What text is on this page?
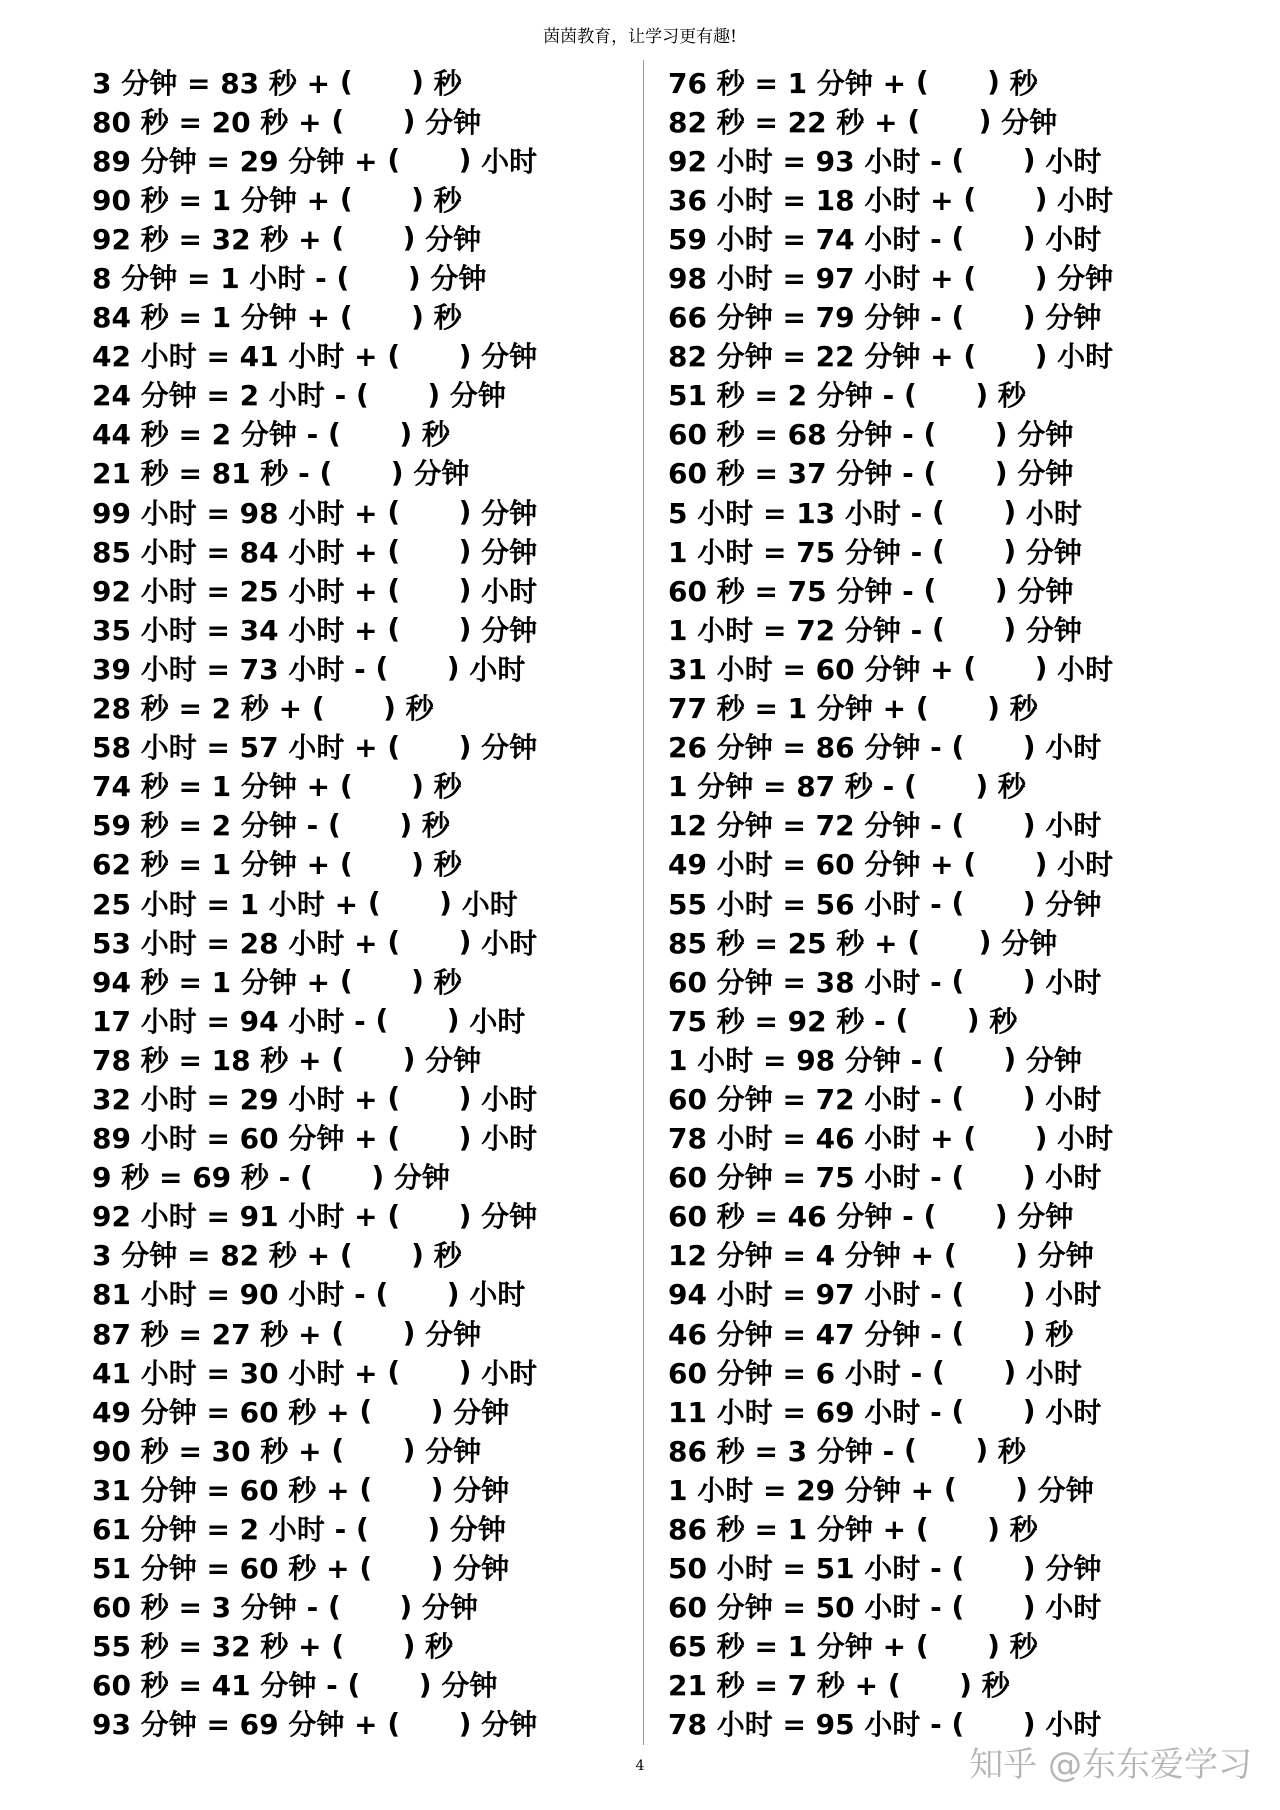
茵茵教育，让学习更有趣!
3 分钟 = 83 秒 + (      ) 秒
80 秒 = 20 秒 + (      ) 分钟
89 分钟 = 29 分钟 + (      ) 小时
90 秒 = 1 分钟 + (      ) 秒
92 秒 = 32 秒 + (      ) 分钟
8 分钟 = 1 小时 - (      ) 分钟
84 秒 = 1 分钟 + (      ) 秒
42 小时 = 41 小时 + (      ) 分钟
24 分钟 = 2 小时 - (      ) 分钟
44 秒 = 2 分钟 - (      ) 秒
21 秒 = 81 秒 - (      ) 分钟
99 小时 = 98 小时 + (      ) 分钟
85 小时 = 84 小时 + (      ) 分钟
92 小时 = 25 小时 + (      ) 小时
35 小时 = 34 小时 + (      ) 分钟
39 小时 = 73 小时 - (      ) 小时
28 秒 = 2 秒 + (      ) 秒
58 小时 = 57 小时 + (      ) 分钟
74 秒 = 1 分钟 + (      ) 秒
59 秒 = 2 分钟 - (      ) 秒
62 秒 = 1 分钟 + (      ) 秒
25 小时 = 1 小时 + (      ) 小时
53 小时 = 28 小时 + (      ) 小时
94 秒 = 1 分钟 + (      ) 秒
17 小时 = 94 小时 - (      ) 小时
78 秒 = 18 秒 + (      ) 分钟
32 小时 = 29 小时 + (      ) 小时
89 小时 = 60 分钟 + (      ) 小时
9 秒 = 69 秒 - (      ) 分钟
92 小时 = 91 小时 + (      ) 分钟
3 分钟 = 82 秒 + (      ) 秒
81 小时 = 90 小时 - (      ) 小时
87 秒 = 27 秒 + (      ) 分钟
41 小时 = 30 小时 + (      ) 小时
49 分钟 = 60 秒 + (      ) 分钟
90 秒 = 30 秒 + (      ) 分钟
31 分钟 = 60 秒 + (      ) 分钟
61 分钟 = 2 小时 - (      ) 分钟
51 分钟 = 60 秒 + (      ) 分钟
60 秒 = 3 分钟 - (      ) 分钟
55 秒 = 32 秒 + (      ) 秒
60 秒 = 41 分钟 - (      ) 分钟
93 分钟 = 69 分钟 + (      ) 分钟
76 秒 = 1 分钟 + (      ) 秒
82 秒 = 22 秒 + (      ) 分钟
92 小时 = 93 小时 - (      ) 小时
36 小时 = 18 小时 + (      ) 小时
59 小时 = 74 小时 - (      ) 小时
98 小时 = 97 小时 + (      ) 分钟
66 分钟 = 79 分钟 - (      ) 分钟
82 分钟 = 22 分钟 + (      ) 小时
51 秒 = 2 分钟 - (      ) 秒
60 秒 = 68 分钟 - (      ) 分钟
60 秒 = 37 分钟 - (      ) 分钟
5 小时 = 13 小时 - (      ) 小时
1 小时 = 75 分钟 - (      ) 分钟
60 秒 = 75 分钟 - (      ) 分钟
1 小时 = 72 分钟 - (      ) 分钟
31 小时 = 60 分钟 + (      ) 小时
77 秒 = 1 分钟 + (      ) 秒
26 分钟 = 86 分钟 - (      ) 小时
1 分钟 = 87 秒 - (      ) 秒
12 分钟 = 72 分钟 - (      ) 小时
49 小时 = 60 分钟 + (      ) 小时
55 小时 = 56 小时 - (      ) 分钟
85 秒 = 25 秒 + (      ) 分钟
60 分钟 = 38 小时 - (      ) 小时
75 秒 = 92 秒 - (      ) 秒
1 小时 = 98 分钟 - (      ) 分钟
60 分钟 = 72 小时 - (      ) 小时
78 小时 = 46 小时 + (      ) 小时
60 分钟 = 75 小时 - (      ) 小时
60 秒 = 46 分钟 - (      ) 分钟
12 分钟 = 4 分钟 + (      ) 分钟
94 小时 = 97 小时 - (      ) 小时
46 分钟 = 47 分钟 - (      ) 秒
60 分钟 = 6 小时 - (      ) 小时
11 小时 = 69 小时 - (      ) 小时
86 秒 = 3 分钟 - (      ) 秒
1 小时 = 29 分钟 + (      ) 分钟
86 秒 = 1 分钟 + (      ) 秒
50 小时 = 51 小时 - (      ) 分钟
60 分钟 = 50 小时 - (      ) 小时
65 秒 = 1 分钟 + (      ) 秒
21 秒 = 7 秒 + (      ) 秒
78 小时 = 95 小时 - (      ) 小时
4	知乎 @东东爱学习
